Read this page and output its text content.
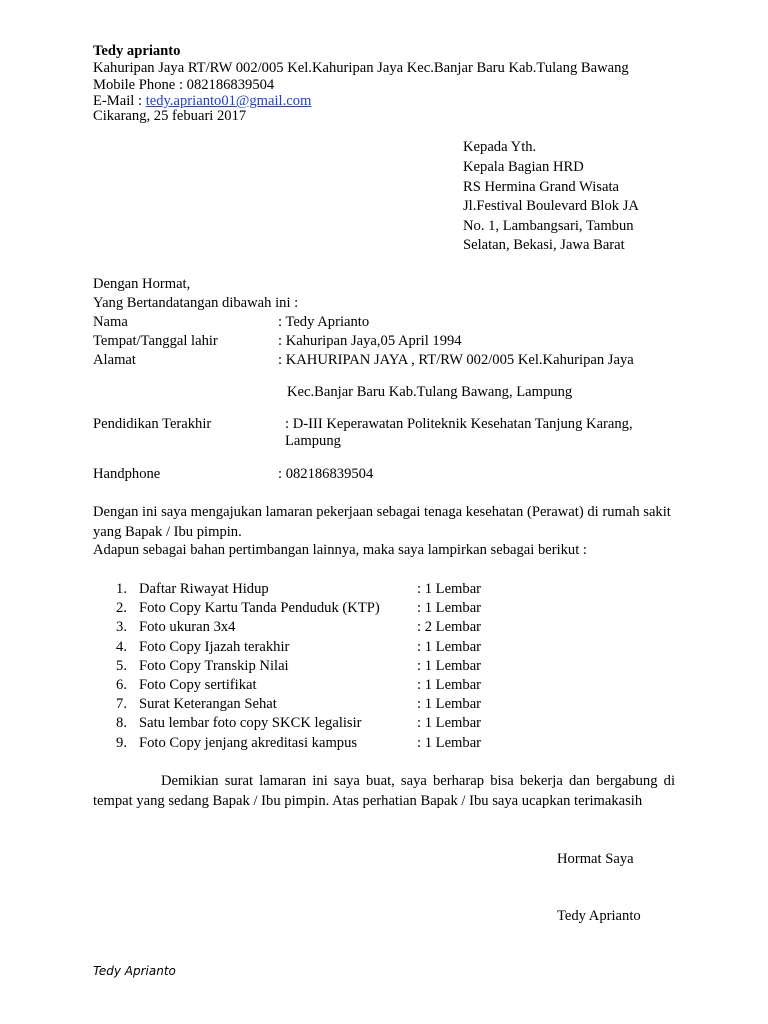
Tedy aprianto
Kahuripan Jaya RT/RW 002/005 Kel.Kahuripan Jaya Kec.Banjar Baru Kab.Tulang Bawang
Mobile Phone : 082186839504
E-Mail : tedy.aprianto01@gmail.com
Cikarang, 25 febuari 2017
Kepada Yth.
Kepala Bagian HRD
RS Hermina Grand Wisata
Jl.Festival Boulevard Blok JA
No. 1, Lambangsari, Tambun
Selatan, Bekasi, Jawa Barat
Dengan Hormat,
Yang Bertandatangan dibawah ini :
Nama	: Tedy Aprianto
Tempat/Tanggal lahir	: Kahuripan Jaya,05 April 1994
Alamat	: KAHURIPAN JAYA , RT/RW 002/005 Kel.Kahuripan Jaya
Kec.Banjar Baru Kab.Tulang Bawang, Lampung
Pendidikan Terakhir	: D-III Keperawatan Politeknik Kesehatan Tanjung Karang,
Lampung
Handphone	: 082186839504
Dengan ini saya mengajukan lamaran pekerjaan sebagai tenaga kesehatan (Perawat) di rumah sakit yang Bapak / Ibu pimpin.
Adapun sebagai bahan pertimbangan lainnya, maka saya lampirkan sebagai berikut :
1. Daftar Riwayat Hidup	: 1 Lembar
2. Foto Copy Kartu Tanda Penduduk (KTP)	: 1 Lembar
3. Foto ukuran 3x4	: 2 Lembar
4. Foto Copy Ijazah terakhir	: 1 Lembar
5. Foto Copy Transkip Nilai	: 1 Lembar
6. Foto Copy sertifikat	: 1 Lembar
7. Surat Keterangan Sehat	: 1 Lembar
8. Satu lembar foto copy SKCK legalisir	: 1 Lembar
9. Foto Copy jenjang akreditasi kampus	: 1 Lembar
Demikian surat lamaran ini saya buat, saya berharap bisa bekerja dan bergabung di tempat yang sedang Bapak / Ibu pimpin. Atas perhatian Bapak / Ibu saya ucapkan terimakasih
Hormat Saya
Tedy Aprianto
Tedy Aprianto
